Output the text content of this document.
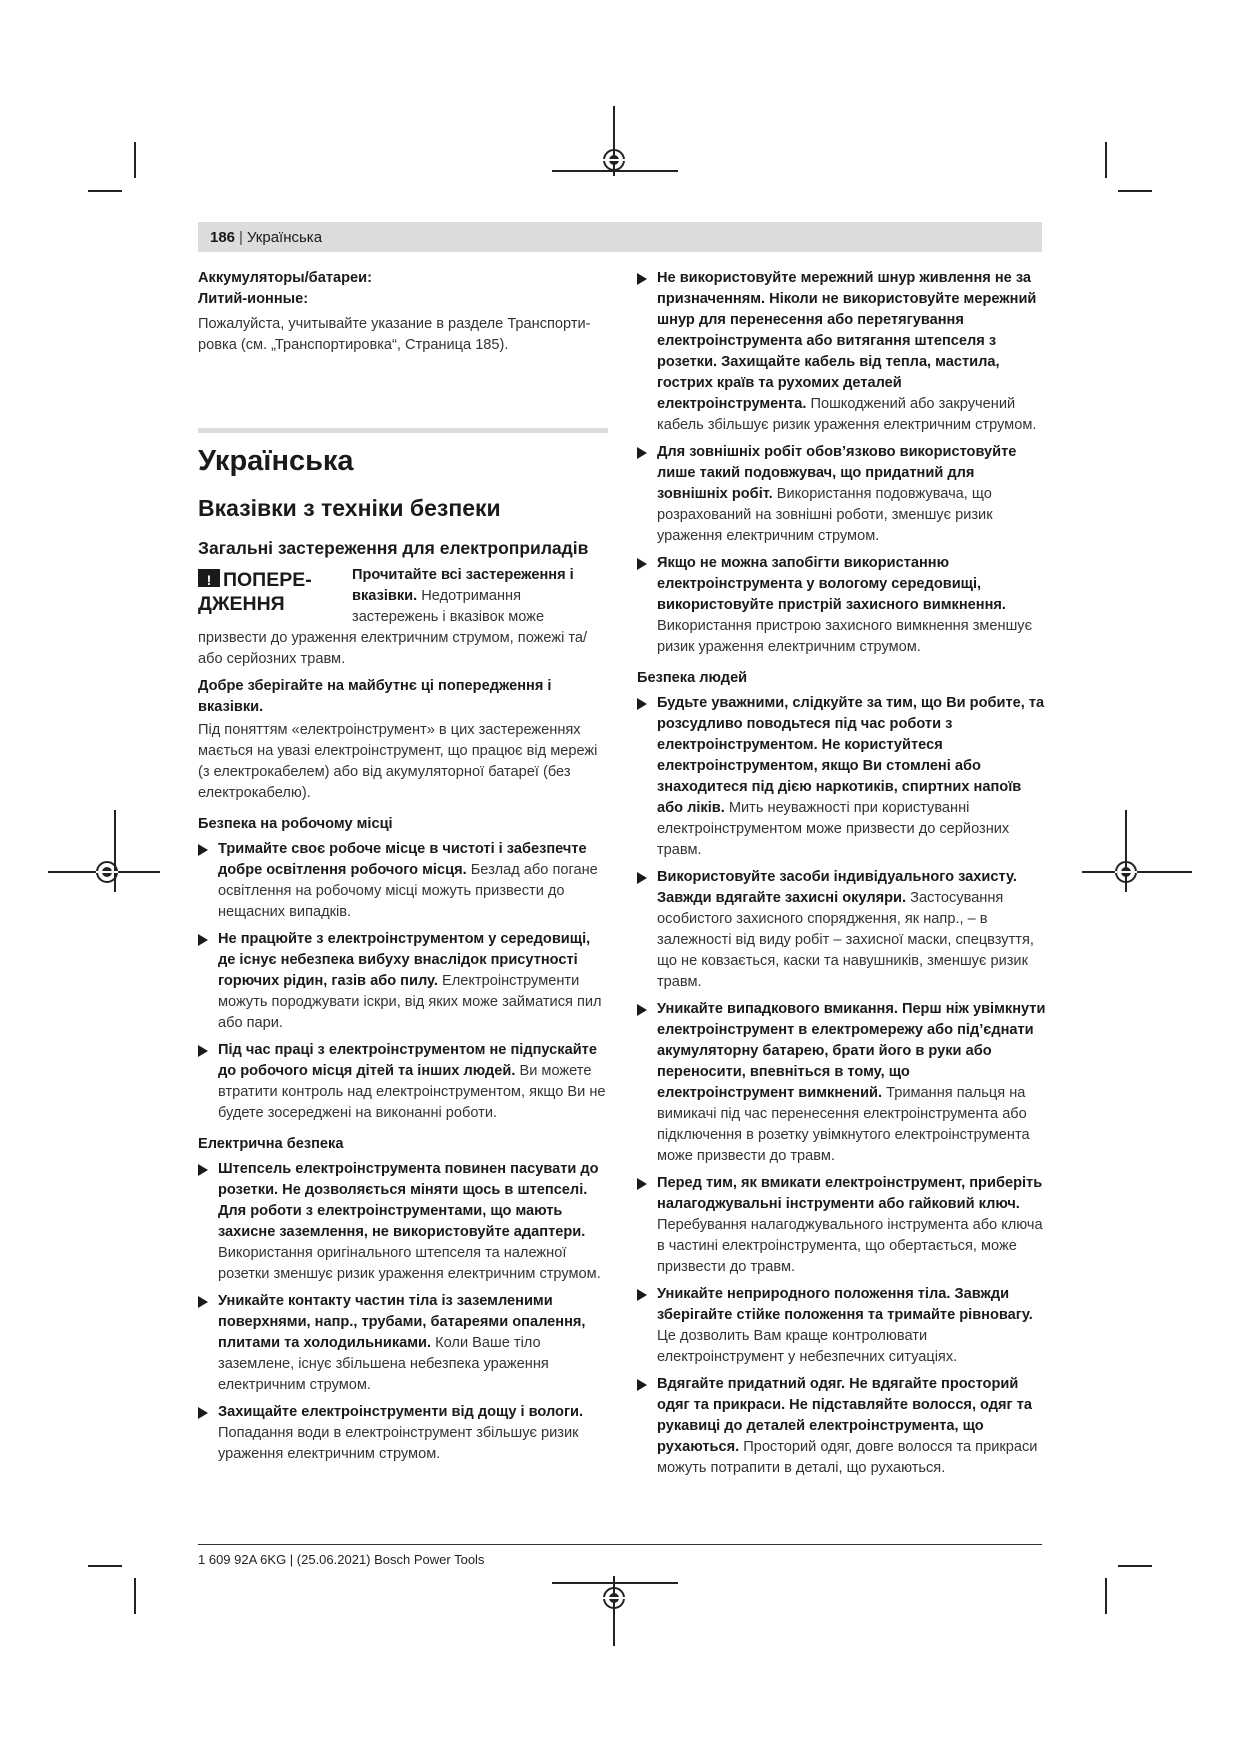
186 | Українська

Аккумуляторы/батареи:

Литий-ионные:

Пожалуйста, учитывайте указание в разделе Транспортировка (см. „Транспортировка“, Страница 185).

Українська

Вказівки з техніки безпеки

Загальні застереження для електроприладів

!ПОПЕРЕ-
ДЖЕННЯ

Прочитайте всі застереження і вказівки. Недотримання застережень і вказівок може призвести до ураження електричним струмом, пожежі та/або серйозних травм.

Добре зберігайте на майбутнє ці попередження і вказівки.

Під поняттям «електроінструмент» в цих застереженнях мається на увазі електроінструмент, що працює від мережі (з електрокабелем) або від акумуляторної батареї (без електрокабелю).

Безпека на робочому місці

Тримайте своє робоче місце в чистоті і забезпечте добре освітлення робочого місця. Безлад або погане освітлення на робочому місці можуть призвести до нещасних випадків.
Не працюйте з електроінструментом у середовищі, де існує небезпека вибуху внаслідок присутності горючих рідин, газів або пилу. Електроінструменти можуть породжувати іскри, від яких може займатися пил або пари.
Під час праці з електроінструментом не підпускайте до робочого місця дітей та інших людей. Ви можете втратити контроль над електроінструментом, якщо Ви не будете зосереджені на виконанні роботи.

Електрична безпека

Штепсель електроінструмента повинен пасувати до розетки. Не дозволяється міняти щось в штепселі. Для роботи з електроінструментами, що мають захисне заземлення, не використовуйте адаптери. Використання оригінального штепселя та належної розетки зменшує ризик ураження електричним струмом.
Уникайте контакту частин тіла із заземленими поверхнями, напр., трубами, батареями опалення, плитами та холодильниками. Коли Ваше тіло заземлене, існує збільшена небезпека ураження електричним струмом.
Захищайте електроінструменти від дощу і вологи. Попадання води в електроінструмент збільшує ризик ураження електричним струмом.
Не використовуйте мережний шнур живлення не за призначенням. Ніколи не використовуйте мережний шнур для перенесення або перетягування електроінструмента або витягання штепселя з розетки. Захищайте кабель від тепла, мастила, гострих країв та рухомих деталей електроінструмента. Пошкоджений або закручений кабель збільшує ризик ураження електричним струмом.
Для зовнішніх робіт обов’язково використовуйте лише такий подовжувач, що придатний для зовнішніх робіт. Використання подовжувача, що розрахований на зовнішні роботи, зменшує ризик ураження електричним струмом.
Якщо не можна запобігти використанню електроінструмента у вологому середовищі, використовуйте пристрій захисного вимкнення. Використання пристрою захисного вимкнення зменшує ризик ураження електричним струмом.

Безпека людей

Будьте уважними, слідкуйте за тим, що Ви робите, та розсудливо поводьтеся під час роботи з електроінструментом. Не користуйтеся електроінструментом, якщо Ви стомлені або знаходитеся під дією наркотиків, спиртних напоїв або ліків. Мить неуважності при користуванні електроінструментом може призвести до серйозних травм.
Використовуйте засоби індивідуального захисту. Завжди вдягайте захисні окуляри. Застосування особистого захисного спорядження, як напр., – в залежності від виду робіт – захисної маски, спецвзуття, що не ковзається, каски та навушників, зменшує ризик травм.
Уникайте випадкового вмикання. Перш ніж увімкнути електроінструмент в електромережу або під’єднати акумуляторну батарею, брати його в руки або переносити, впевніться в тому, що електроінструмент вимкнений. Тримання пальця на вимикачі під час перенесення електроінструмента або підключення в розетку увімкнутого електроінструмента може призвести до травм.
Перед тим, як вмикати електроінструмент, приберіть налагоджувальні інструменти або гайковий ключ. Перебування налагоджувального інструмента або ключа в частині електроінструмента, що обертається, може призвести до травм.
Уникайте неприродного положення тіла. Завжди зберігайте стійке положення та тримайте рівновагу. Це дозволить Вам краще контролювати електроінструмент у небезпечних ситуаціях.
Вдягайте придатний одяг. Не вдягайте просторий одяг та прикраси. Не підставляйте волосся, одяг та рукавиці до деталей електроінструмента, що рухаються. Просторий одяг, довге волосся та прикраси можуть потрапити в деталі, що рухаються.
1 609 92A 6KG | (25.06.2021) Bosch Power Tools
